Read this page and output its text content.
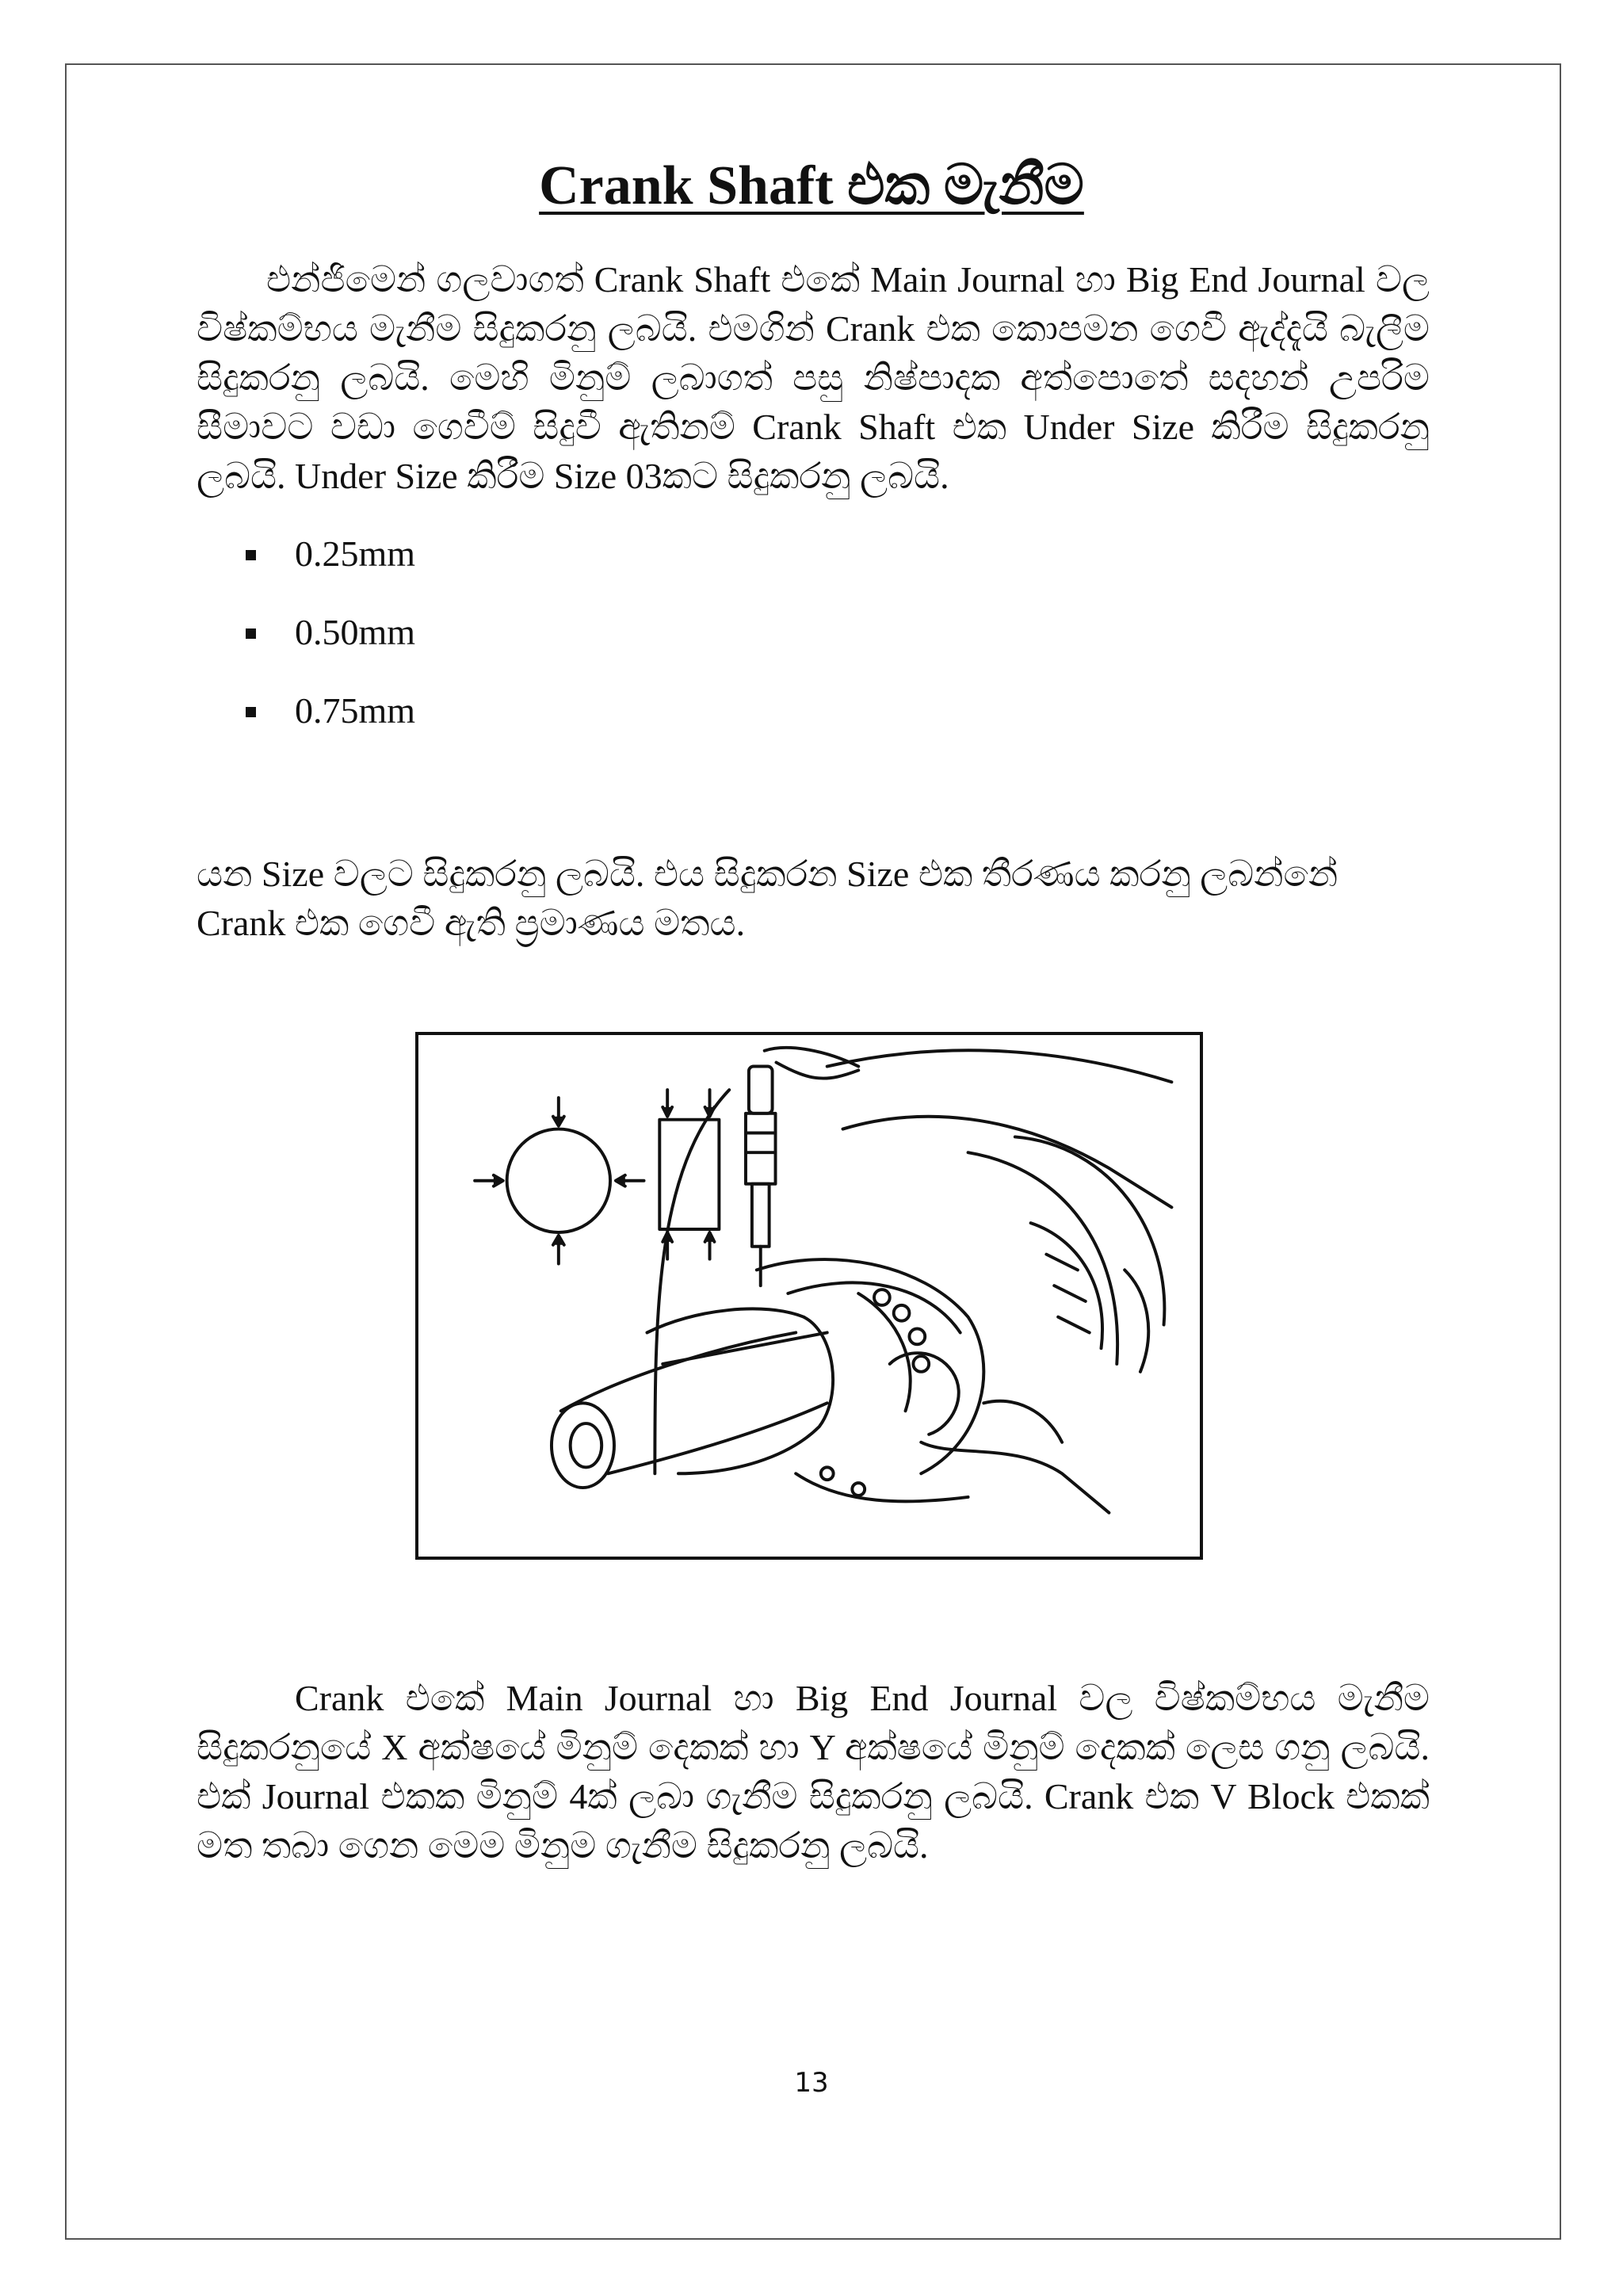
Crank Shaft එක මැනීම

එන්ජිමෙන් ගලවාගත් Crank Shaft එකේ Main Journal හා Big End Journal වල විෂ්කම්භය මැනීම සිදුකරනු ලබයි. එමගින් Crank එක කොපමන ගෙවී ඇද්දැයි බැලීම සිදුකරනු ලබයි. මෙහි මිනුම් ලබාගත් පසු නිෂ්පාදක අත්පොතේ සදහන් උපරිම සීමාවට වඩා ගෙවීම් සිදුවී ඇතිනම් Crank Shaft එක Under Size කිරීම සිදුකරනු ලබයි. Under Size කිරීම Size 03කට සිදුකරනු ලබයි.

0.25mm
0.50mm
0.75mm

යන Size වලට සිදුකරනු ලබයි. එය සිදුකරන Size එක තීරණය කරනු ලබන්නේ Crank එක ගෙවී ඇති ප්‍රමාණය මතය.

Crank එකේ Main Journal හා Big End Journal වල විෂ්කම්භය මැනීම සිදුකරනුයේ X අක්ෂයේ මිනුම් දෙකක් හා Y අක්ෂයේ මිනුම් දෙකක් ලෙස ගනු ලබයි. එක් Journal එකක මිනුම් 4ක් ලබා ගැනීම සිදුකරනු ලබයි. Crank එක V Block එකක් මත තබා ගෙන මෙම මිනුම ගැනීම සිදුකරනු ලබයි.

13
